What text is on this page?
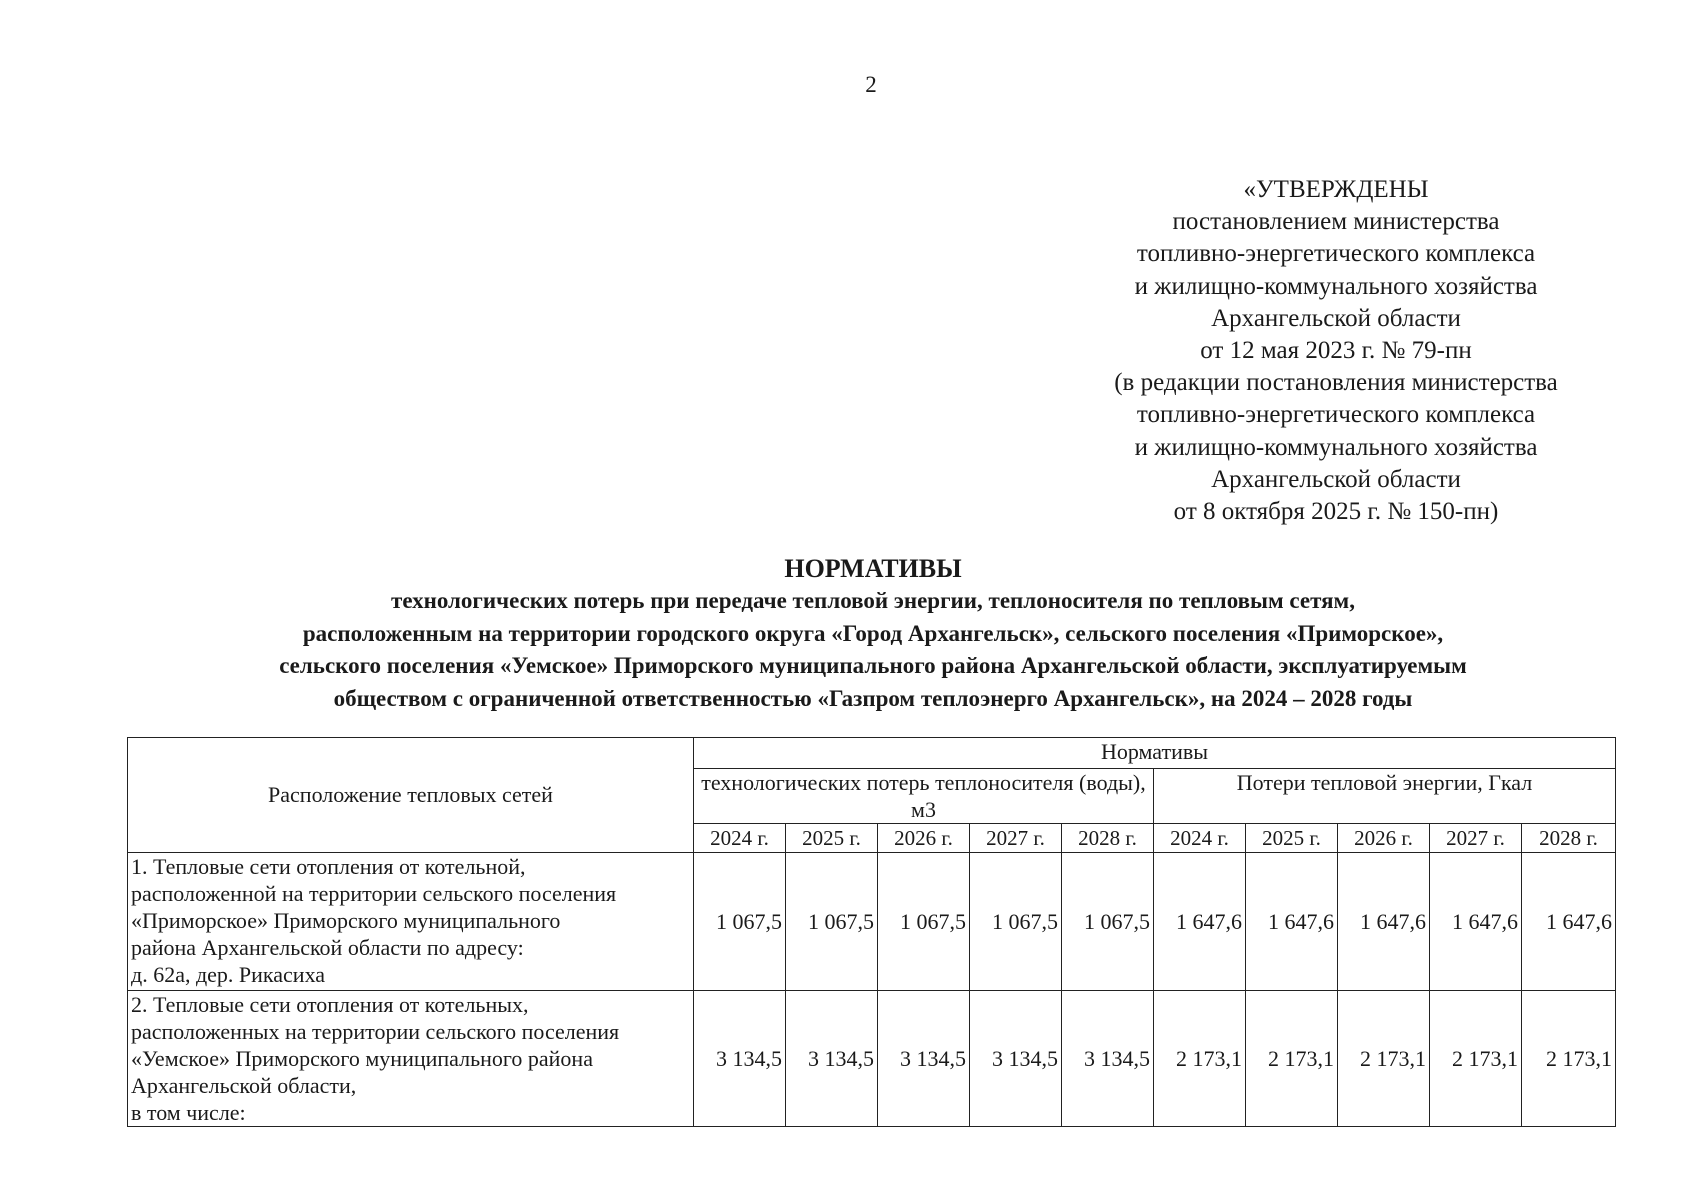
2
«УТВЕРЖДЕНЫ
постановлением министерства
топливно-энергетического комплекса
и жилищно-коммунального хозяйства
Архангельской области
от 12 мая 2023 г. № 79-пн
(в редакции постановления министерства
топливно-энергетического комплекса
и жилищно-коммунального хозяйства
Архангельской области
от 8 октября 2025 г. № 150-пн)
НОРМАТИВЫ
технологических потерь при передаче тепловой энергии, теплоносителя по тепловым сетям,
расположенным на территории городского округа «Город Архангельск», сельского поселения «Приморское»,
сельского поселения «Уемское» Приморского муниципального района Архангельской области, эксплуатируемым
обществом с ограниченной ответственностью «Газпром теплоэнерго Архангельск», на 2024 – 2028 годы
Расположение тепловых сетей	Нормативы									
	технологических потерь теплоносителя (воды), м3					Потери тепловой энергии, Гкал				
	2024 г.	2025 г.	2026 г.	2027 г.	2028 г.	2024 г.	2025 г.	2026 г.	2027 г.	2028 г.

1. Тепловые сети отопления от котельной,
расположенной на территории сельского поселения
«Приморское» Приморского муниципального
района Архангельской области по адресу:
д. 62а, дер. Рикасиха	1 067,5	1 067,5	1 067,5	1 067,5	1 067,5	1 647,6	1 647,6	1 647,6	1 647,6	1 647,6

2. Тепловые сети отопления от котельных,
расположенных на территории сельского поселения
«Уемское» Приморского муниципального района
Архангельской области,
в том числе:	3 134,5	3 134,5	3 134,5	3 134,5	3 134,5	2 173,1	2 173,1	2 173,1	2 173,1	2 173,1
